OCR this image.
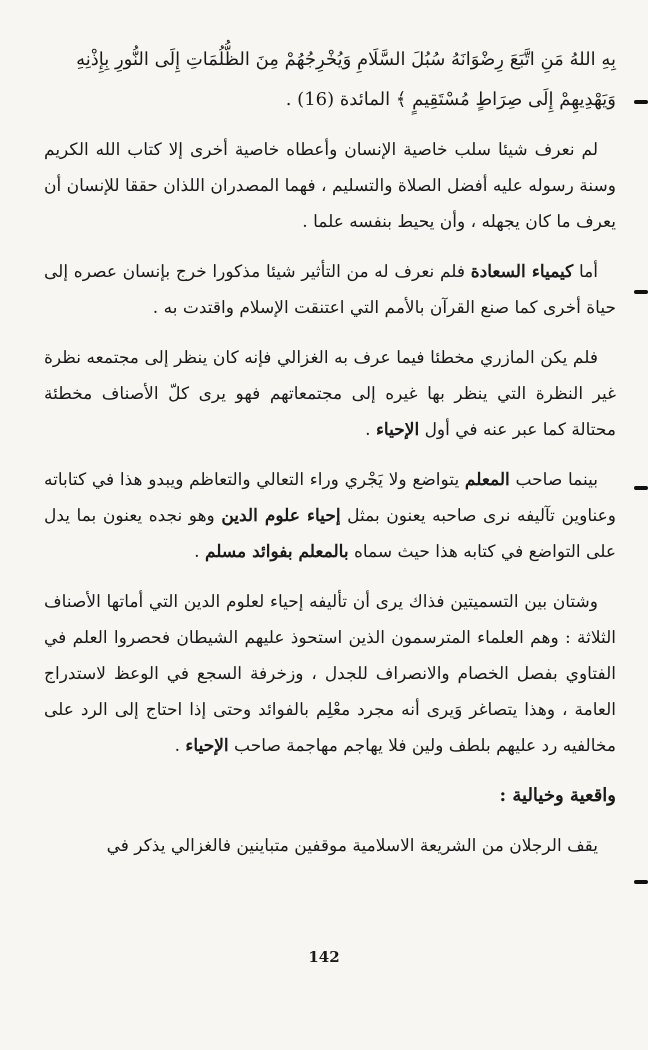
بِهِ اللهُ مَنِ اتَّبَعَ رِضْوَانَهُ سُبُلَ السَّلَامِ وَيُخْرِجُهُمْ مِنَ الظُّلُمَاتِ إِلَى النُّورِ بِإِذْنِهِ
وَيَهْدِيهِمْ إِلَى صِرَاطٍ مُسْتَقِيمٍ ﴾ المائدة (16) .

لم نعرف شيئا سلب خاصية الإنسان وأعطاه خاصية أخرى إلا كتاب الله الكريم وسنة رسوله عليه أفضل الصلاة والتسليم ، فهما المصدران اللذان حققا للإنسان أن يعرف ما كان يجهله ، وأن يحيط بنفسه علما .

أما كيمياء السعادة فلم نعرف له من التأثير شيئا مذكورا خرج بإنسان عصره إلى حياة أخرى كما صنع القرآن بالأمم التي اعتنقت الإسلام واقتدت به .

فلم يكن المازري مخطئا فيما عرف به الغزالي فإنه كان ينظر إلى مجتمعه نظرة غير النظرة التي ينظر بها غيره إلى مجتمعاتهم فهو يرى كلّ الأصناف مخطئة محتالة كما عبر عنه في أول الإحياء .

بينما صاحب المعلم يتواضع ولا يَجْري وراء التعالي والتعاظم ويبدو هذا في كتاباته وعناوين تآليفه نرى صاحبه يعنون بمثل إحياء علوم الدين وهو نجده يعنون بما يدل على التواضع في كتابه هذا حيث سماه بالمعلم بفوائد مسلم .

وشتان بين التسميتين فذاك يرى أن تأليفه إحياء لعلوم الدين التي أماتها الأصناف الثلاثة : وهم العلماء المترسمون الذين استحوذ عليهم الشيطان فحصروا العلم في الفتاوي بفصل الخصام والانصراف للجدل ، وزخرفة السجع في الوعظ لاستدراج العامة ، وهذا يتصاغر وَيرى أنه مجرد معْلِم بالفوائد وحتى إذا احتاج إلى الرد على مخالفيه رد عليهم بلطف ولين فلا يهاجم مهاجمة صاحب الإحياء .

واقعية وخيالية :

يقف الرجلان من الشريعة الاسلامية موقفين متباينين فالغزالي يذكر في

142
